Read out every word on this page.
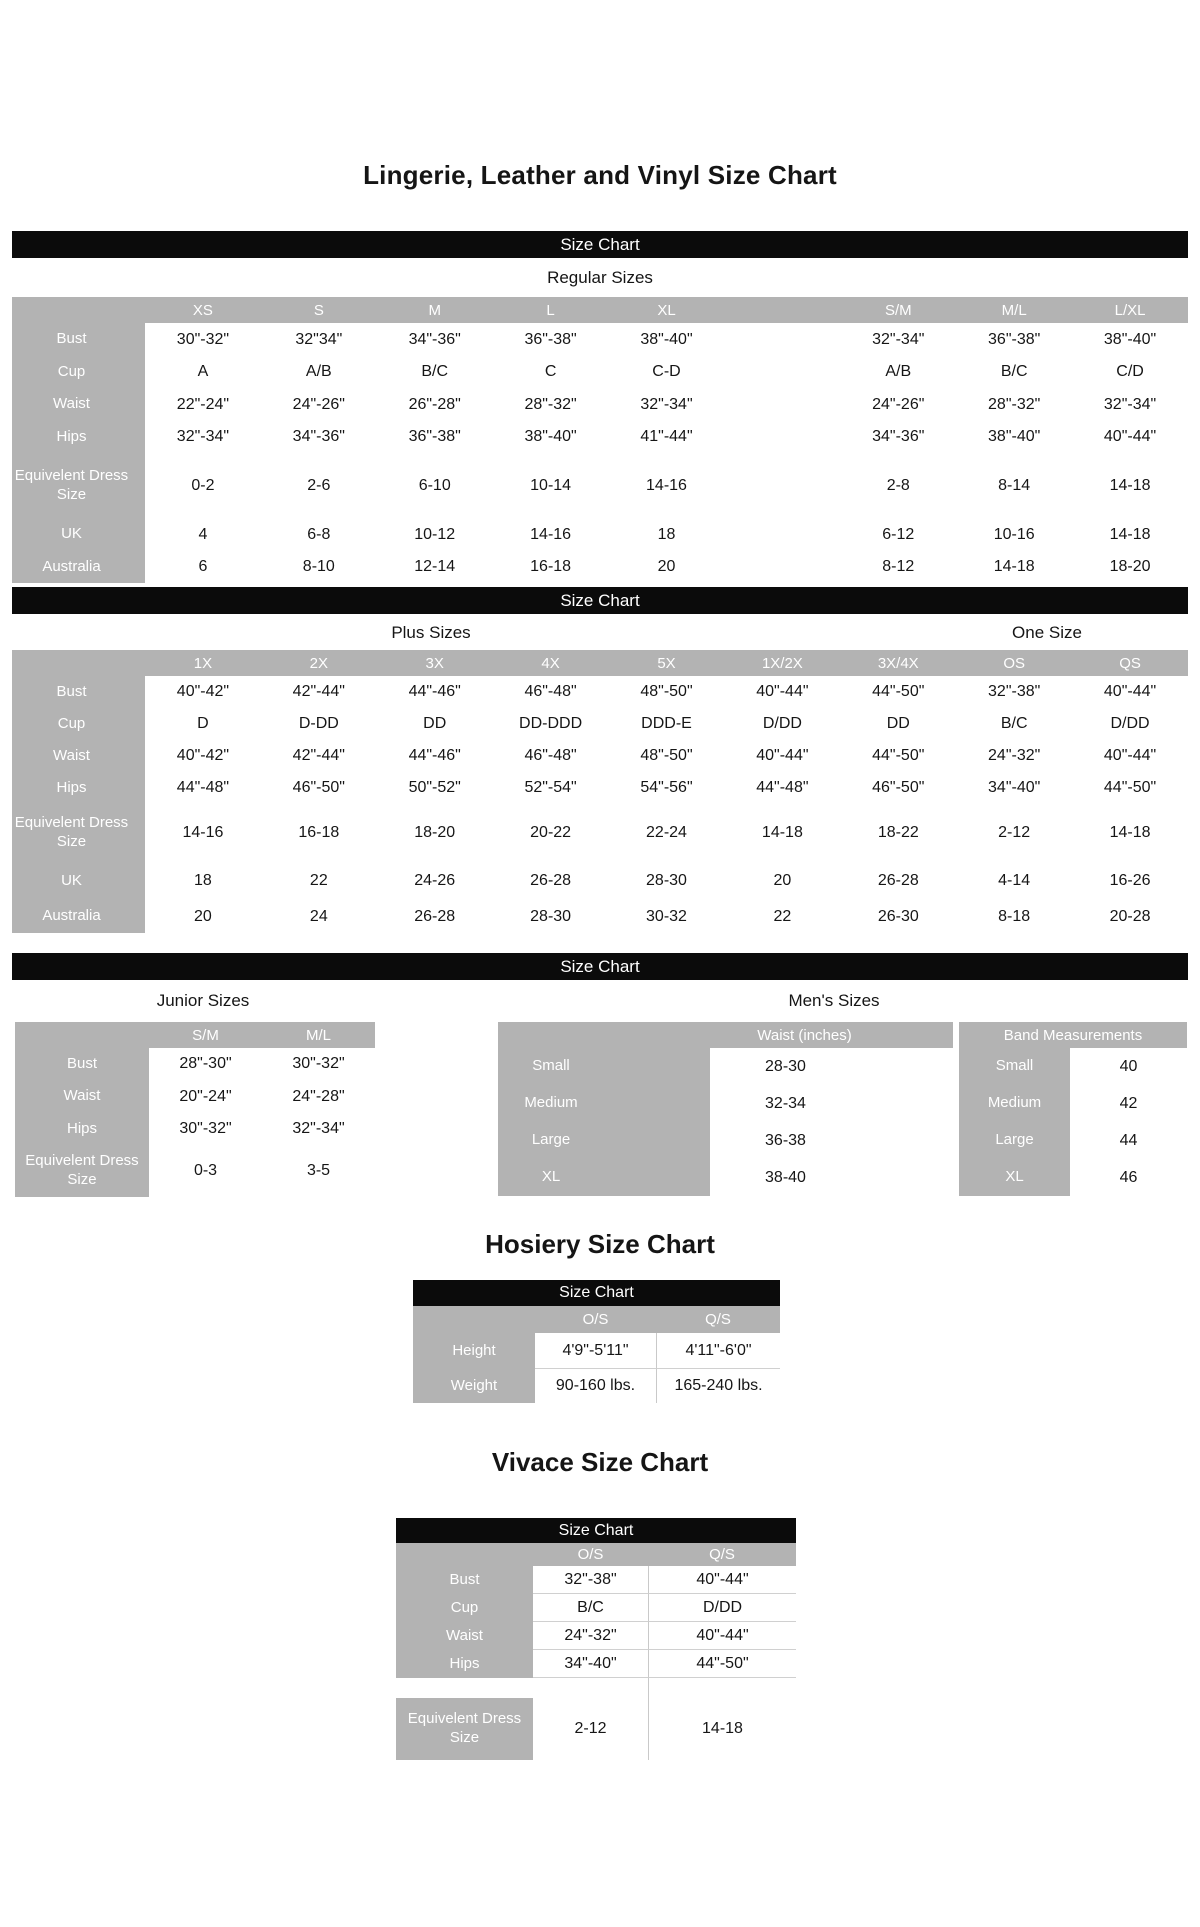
Lingerie, Leather and Vinyl Size Chart
Size Chart
Regular Sizes
XS	S	M	L	XL	S/M	M/L	L/XL
Bust	30"-32"	32"34"	34"-36"	36"-38"	38"-40"	32"-34"	36"-38"	38"-40"
Cup	A	A/B	B/C	C	C-D	A/B	B/C	C/D
Waist	22"-24"	24"-26"	26"-28"	28"-32"	32"-34"	24"-26"	28"-32"	32"-34"
Hips	32"-34"	34"-36"	36"-38"	38"-40"	41"-44"	34"-36"	38"-40"	40"-44"
Equivelent Dress Size
0-2	2-6	6-10	10-14	14-16	2-8	8-14	14-18
UK	4	6-8	10-12	14-16	18	6-12	10-16	14-18
Australia	6	8-10	12-14	16-18	20	8-12	14-18	18-20
Size Chart
Plus Sizes	One Size
1X	2X	3X	4X	5X	1X/2X	3X/4X	OS	QS
Bust	40"-42"	42"-44"	44"-46"	46"-48"	48"-50"	40"-44"	44"-50"	32"-38"	40"-44"
Cup	D	D-DD	DD	DD-DDD	DDD-E	D/DD	DD	B/C	D/DD
Waist	40"-42"	42"-44"	44"-46"	46"-48"	48"-50"	40"-44"	44"-50"	24"-32"	40"-44"
Hips	44"-48"	46"-50"	50"-52"	52"-54"	54"-56"	44"-48"	46"-50"	34"-40"	44"-50"
Equivelent Dress Size
14-16	16-18	18-20	20-22	22-24	14-18	18-22	2-12	14-18
UK	18	22	24-26	26-28	28-30	20	26-28	4-14	16-26
Australia	20	24	26-28	28-30	30-32	22	26-30	8-18	20-28
Size Chart
Junior Sizes	Men's Sizes
S/M	M/L
Bust	28"-30"	30"-32"
Waist	20"-24"	24"-28"
Hips	30"-32"	32"-34"
Equivelent Dress Size
0-3	3-5
Waist (inches)	Band Measurements
Small	28-30	Small	40
Medium	32-34	Medium	42
Large	36-38	Large	44
XL	38-40	XL	46
Hosiery Size Chart
Size Chart
O/S	Q/S
Height	4'9"-5'11"	4'11"-6'0"
Weight	90-160 lbs.	165-240 lbs.
Vivace Size Chart
Size Chart
O/S	Q/S
Bust	32"-38"	40"-44"
Cup	B/C	D/DD
Waist	24"-32"	40"-44"
Hips	34"-40"	44"-50"
Equivelent Dress Size
2-12	14-18
